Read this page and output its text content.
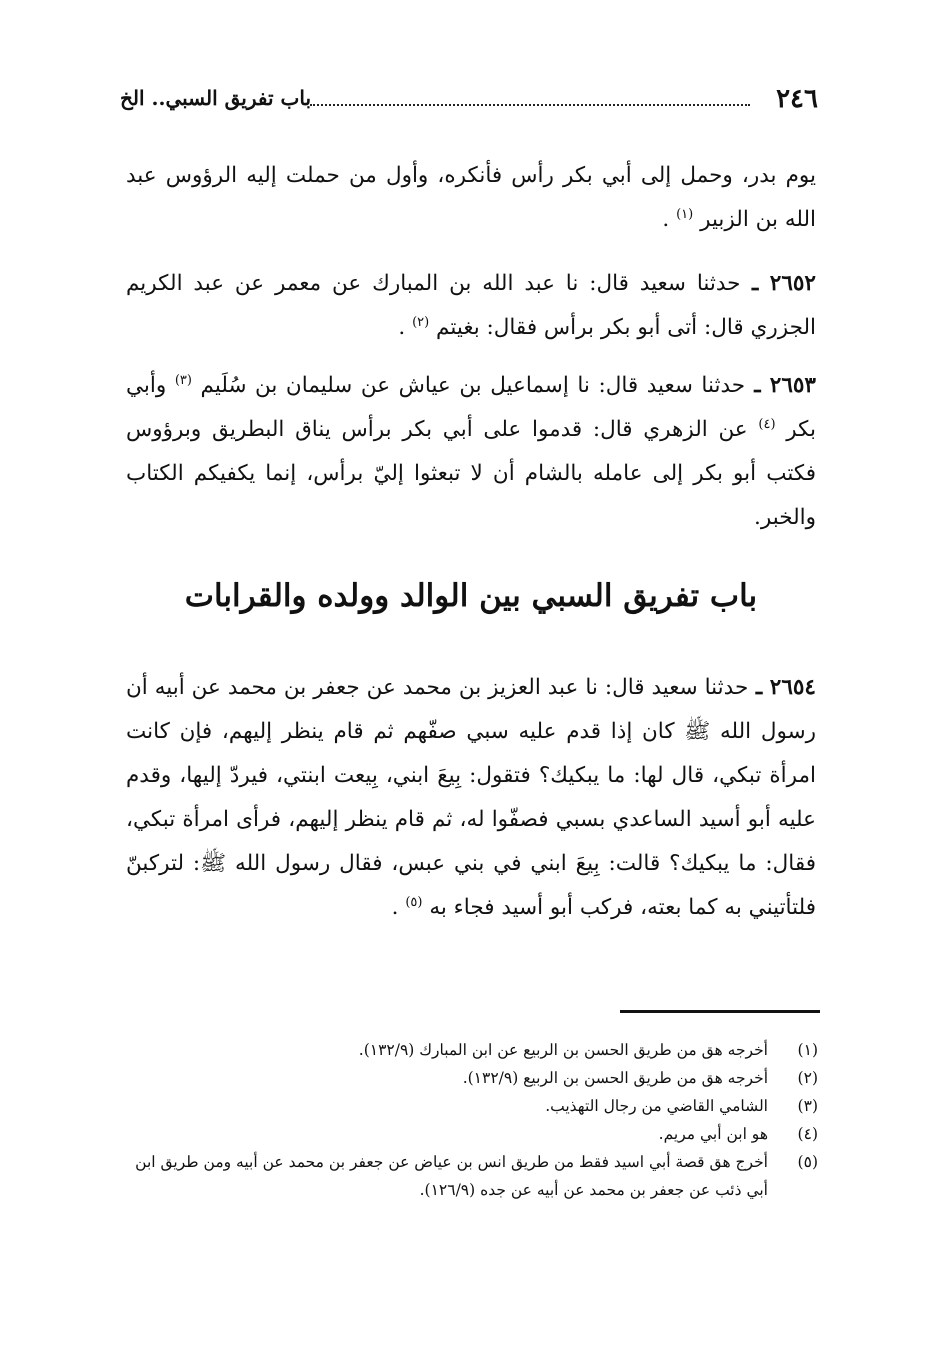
٢٤٦
باب تفريق السبي.. الخ

يوم بدر، وحمل إلى أبي بكر رأس فأنكره، وأول من حملت إليه الرؤوس عبد الله بن الزبير $^{(١)}$ .

٢٦٥٢ ـ حدثنا سعيد قال: نا عبد الله بن المبارك عن معمر عن عبد الكريم الجزري قال: أتى أبو بكر برأس فقال: بغيتم $^{(٢)}$ .

٢٦٥٣ ـ حدثنا سعيد قال: نا إسماعيل بن عياش عن سليمان بن سُلَيم $^{(٣)}$ وأبي بكر $^{(٤)}$ عن الزهري قال: قدموا على أبي بكر برأس يناق البطريق وبرؤوس فكتب أبو بكر إلى عامله بالشام أن لا تبعثوا إليّ برأس، إنما يكفيكم الكتاب والخبر.

باب تفريق السبي بين الوالد وولده والقرابات

٢٦٥٤ ـ حدثنا سعيد قال: نا عبد العزيز بن محمد عن جعفر بن محمد عن أبيه أن رسول الله ﷺ كان إذا قدم عليه سبي صفّهم ثم قام ينظر إليهم، فإن كانت امرأة تبكي، قال لها: ما يبكيك؟ فتقول: بِيعَ ابني، بِيعت ابنتي، فيردّ إليها، وقدم عليه أبو أسيد الساعدي بسبي فصفّوا له، ثم قام ينظر إليهم، فرأى امرأة تبكي، فقال: ما يبكيك؟ قالت: بِيعَ ابني في بني عبس، فقال رسول الله ﷺ: لتركبنّ فلتأتيني به كما بعته، فركب أبو أسيد فجاء به $^{(٥)}$ .

(١)
أخرجه هق من طريق الحسن بن الربيع عن ابن المبارك (١٣٢/٩).
(٢)
أخرجه هق من طريق الحسن بن الربيع (١٣٢/٩).
(٣)
الشامي القاضي من رجال التهذيب.
(٤)
هو ابن أبي مريم.
(٥)
أخرج هق قصة أبي اسيد فقط من طريق انس بن عياض عن جعفر بن محمد عن أبيه ومن طريق ابن أبي ذئب عن جعفر بن محمد عن أبيه عن جده (١٢٦/٩).
